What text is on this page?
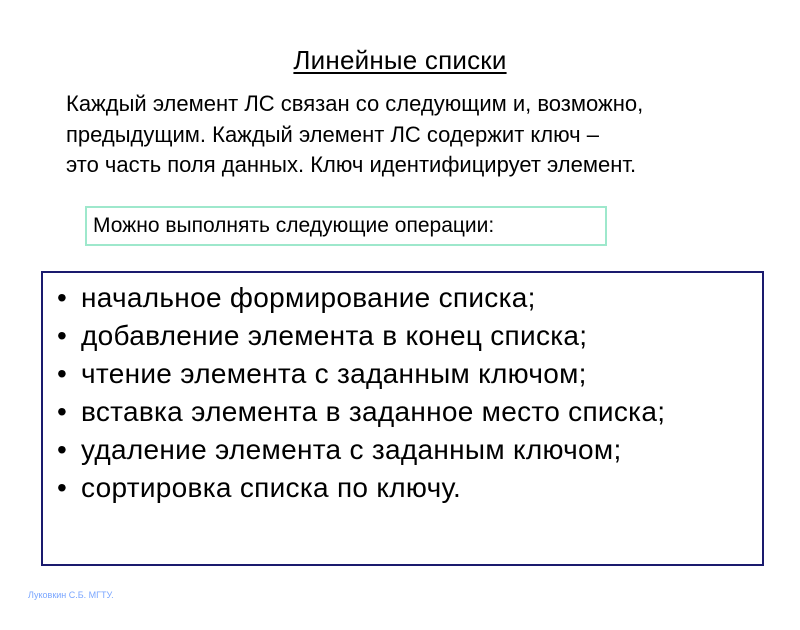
Линейные списки

Каждый элемент ЛС связан со следующим и, возможно,
предыдущим. Каждый элемент ЛС содержит ключ –
это часть поля данных. Ключ идентифицирует элемент.

Можно выполнять следующие операции:
• начальное формирование списка;
• добавление элемента в конец списка;
• чтение элемента с заданным ключом;
• вставка элемента в заданное место списка;
• удаление элемента с заданным ключом;
• сортировка списка по ключу.
Луковкин С.Б. МГТУ.
